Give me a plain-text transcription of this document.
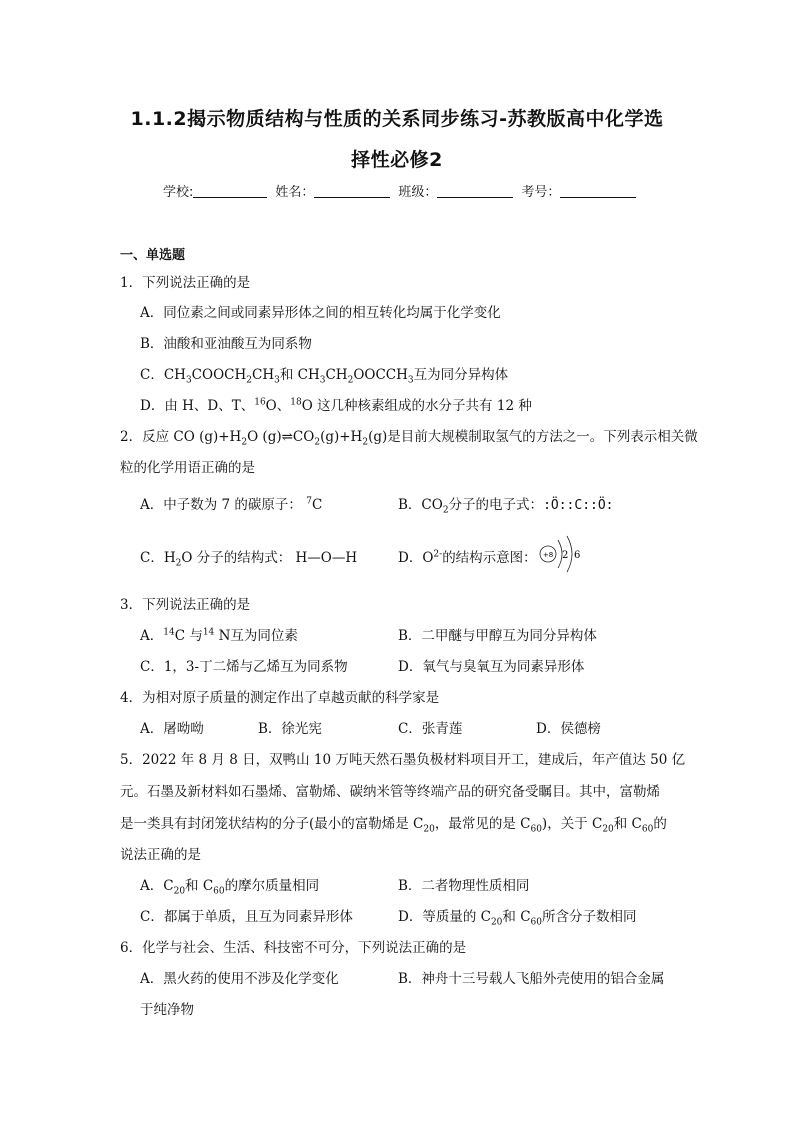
1.1.2揭示物质结构与性质的关系同步练习-苏教版高中化学选
择性必修2
学校:	姓名：	班级：	考号：
一、单选题
1．下列说法正确的是
A．同位素之间或同素异形体之间的相互转化均属于化学变化
B．油酸和亚油酸互为同系物
C．$CH_3COOCH_2CH_3$和 $CH_3CH_2OOCCH_3$互为同分异构体
D．由 H、D、T、$^{16}$O、$^{18}$O 这几种核素组成的水分子共有 12 种
2．反应 CO $(g)+H_2O$ $(g)\rightleftharpoons CO_2(g)+H_2(g)$是目前大规模制取氢气的方法之一。下列表示相关微
粒的化学用语正确的是
A．中子数为 7 的碳原子： $^7$C	B．$CO_2$分子的电子式：:Ö::C::Ö:
C．$H_2O$ 分子的结构式： H—O—H	D．$O^{2-}$的结构示意图： +8 2 6
3．下列说法正确的是
A．$^{14}$C 与$^{14}$ N互为同位素	B．二甲醚与甲醇互为同分异构体
C．1，3-丁二烯与乙烯互为同系物	D．氧气与臭氧互为同素异形体
4．为相对原子质量的测定作出了卓越贡献的科学家是
A．屠呦呦	B．徐光宪	C．张青莲	D．侯德榜
5．2022 年 8 月 8 日，双鸭山 10 万吨天然石墨负极材料项目开工，建成后，年产值达 50 亿
元。石墨及新材料如石墨烯、富勒烯、碳纳米管等终端产品的研究备受瞩目。其中，富勒烯
是一类具有封闭笼状结构的分子(最小的富勒烯是 $C_{20}$，最常见的是 $C_{60}$)，关于 $C_{20}$和 $C_{60}$的
说法正确的是
A．$C_{20}$和 $C_{60}$的摩尔质量相同	B．二者物理性质相同
C．都属于单质，且互为同素异形体	D．等质量的 $C_{20}$和 $C_{60}$所含分子数相同
6．化学与社会、生活、科技密不可分，下列说法正确的是
A．黑火药的使用不涉及化学变化	B．神舟十三号载人飞船外壳使用的铝合金属
于纯净物
